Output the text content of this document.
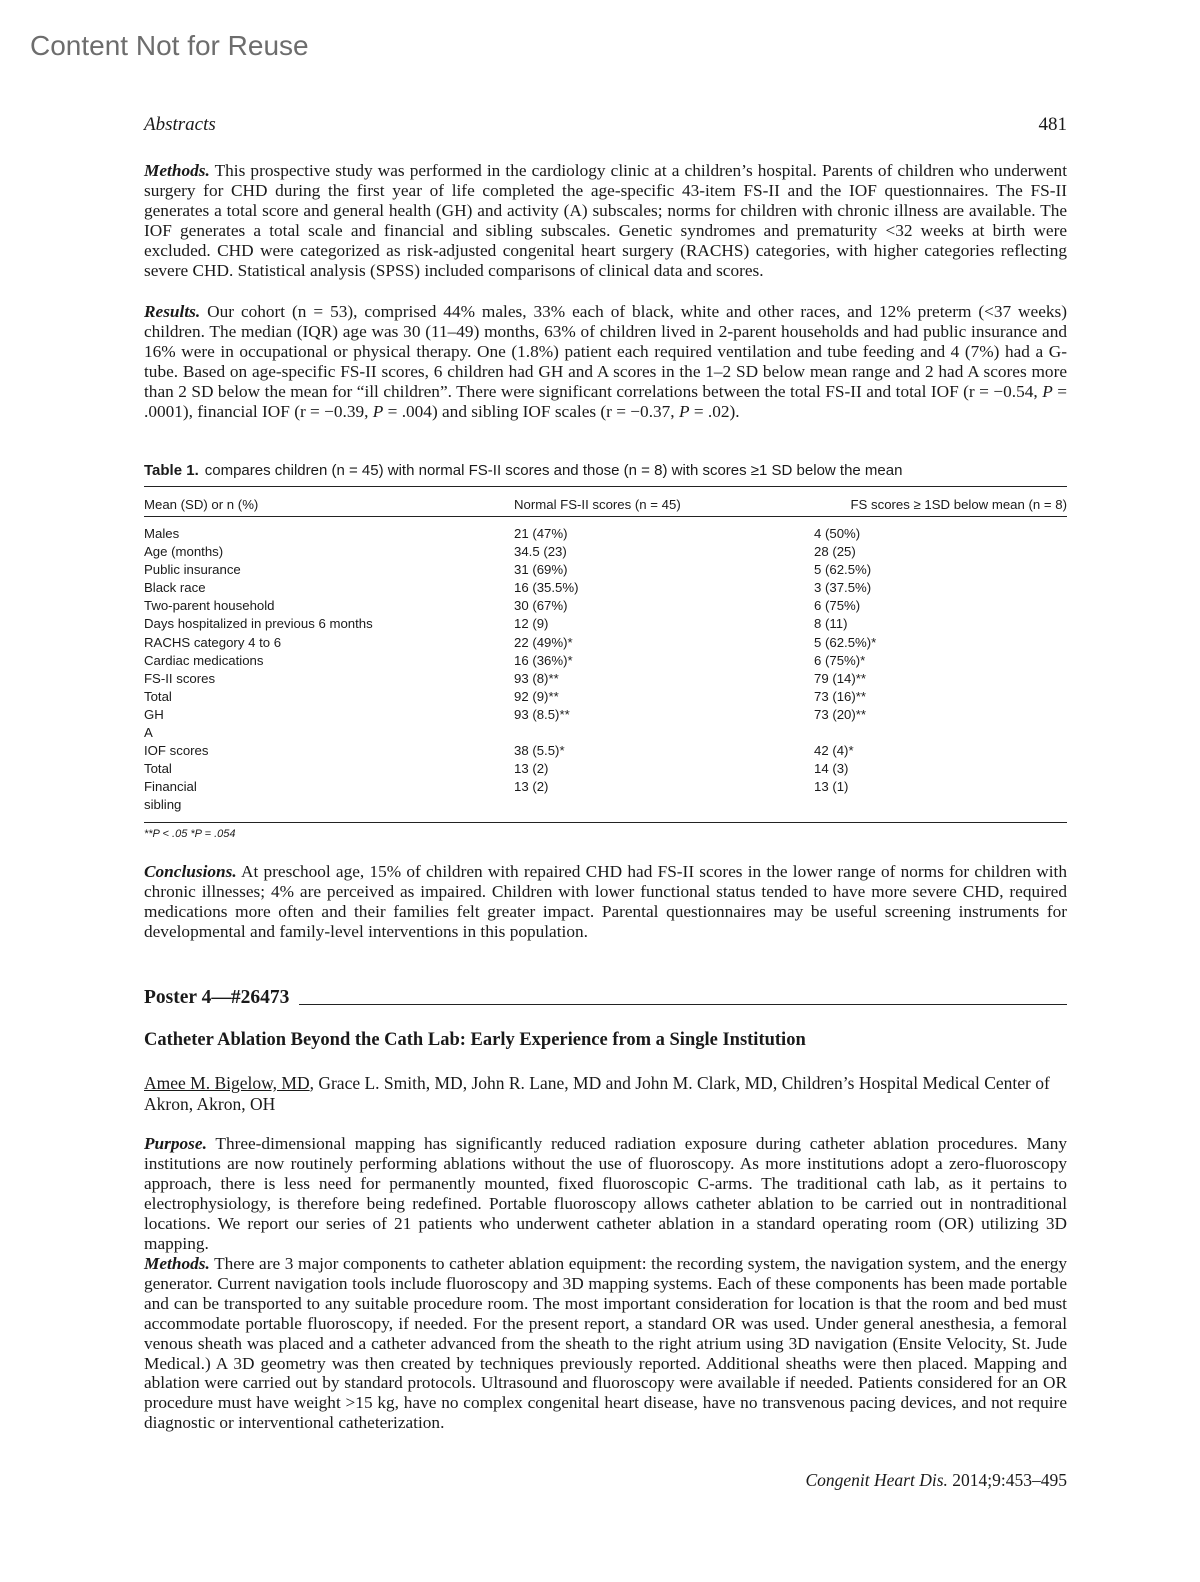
Content Not for Reuse
Abstracts	481

Methods. This prospective study was performed in the cardiology clinic at a children’s hospital. Parents of children who underwent surgery for CHD during the first year of life completed the age-specific 43-item FS-II and the IOF questionnaires. The FS-II generates a total score and general health (GH) and activity (A) subscales; norms for children with chronic illness are available. The IOF generates a total scale and financial and sibling subscales. Genetic syndromes and prematurity <32 weeks at birth were excluded. CHD were categorized as risk-adjusted congenital heart surgery (RACHS) categories, with higher categories reflecting severe CHD. Statistical analysis (SPSS) included comparisons of clinical data and scores.

Results. Our cohort (n = 53), comprised 44% males, 33% each of black, white and other races, and 12% preterm (<37 weeks) children. The median (IQR) age was 30 (11–49) months, 63% of children lived in 2-parent households and had public insurance and 16% were in occupational or physical therapy. One (1.8%) patient each required ventilation and tube feeding and 4 (7%) had a G-tube. Based on age-specific FS-II scores, 6 children had GH and A scores in the 1–2 SD below mean range and 2 had A scores more than 2 SD below the mean for “ill children”. There were significant correlations between the total FS-II and total IOF (r = −0.54, P = .0001), financial IOF (r = −0.39, P = .004) and sibling IOF scales (r = −0.37, P = .02).

Table 1. compares children (n = 45) with normal FS-II scores and those (n = 8) with scores ≥1 SD below the mean
Mean (SD) or n (%)	Normal FS-II scores (n = 45)	FS scores ≥ 1SD below mean (n = 8)
Males	21 (47%)	4 (50%)
Age (months)	34.5 (23)	28 (25)
Public insurance	31 (69%)	5 (62.5%)
Black race	16 (35.5%)	3 (37.5%)
Two-parent household	30 (67%)	6 (75%)
Days hospitalized in previous 6 months	12 (9)	8 (11)
RACHS category 4 to 6	22 (49%)*	5 (62.5%)*
Cardiac medications	16 (36%)*	6 (75%)*
FS-II scores	93 (8)**	79 (14)**
Total	92 (9)**	73 (16)**
GH	93 (8.5)**	73 (20)**
A
IOF scores	38 (5.5)*	42 (4)*
Total	13 (2)	14 (3)
Financial	13 (2)	13 (1)
sibling
**P < .05 *P = .054

Conclusions. At preschool age, 15% of children with repaired CHD had FS-II scores in the lower range of norms for children with chronic illnesses; 4% are perceived as impaired. Children with lower functional status tended to have more severe CHD, required medications more often and their families felt greater impact. Parental questionnaires may be useful screening instruments for developmental and family-level interventions in this population.

Poster 4—#26473
Catheter Ablation Beyond the Cath Lab: Early Experience from a Single Institution
Amee M. Bigelow, MD, Grace L. Smith, MD, John R. Lane, MD and John M. Clark, MD, Children’s Hospital Medical Center of Akron, Akron, OH

Purpose. Three-dimensional mapping has significantly reduced radiation exposure during catheter ablation procedures. Many institutions are now routinely performing ablations without the use of fluoroscopy. As more institutions adopt a zero-fluoroscopy approach, there is less need for permanently mounted, fixed fluoroscopic C-arms. The traditional cath lab, as it pertains to electrophysiology, is therefore being redefined. Portable fluoroscopy allows catheter ablation to be carried out in nontraditional locations. We report our series of 21 patients who underwent catheter ablation in a standard operating room (OR) utilizing 3D mapping.

Methods. There are 3 major components to catheter ablation equipment: the recording system, the navigation system, and the energy generator. Current navigation tools include fluoroscopy and 3D mapping systems. Each of these components has been made portable and can be transported to any suitable procedure room. The most important consideration for location is that the room and bed must accommodate portable fluoroscopy, if needed. For the present report, a standard OR was used. Under general anesthesia, a femoral venous sheath was placed and a catheter advanced from the sheath to the right atrium using 3D navigation (Ensite Velocity, St. Jude Medical.) A 3D geometry was then created by techniques previously reported. Additional sheaths were then placed. Mapping and ablation were carried out by standard protocols. Ultrasound and fluoroscopy were available if needed. Patients considered for an OR procedure must have weight >15 kg, have no complex congenital heart disease, have no transvenous pacing devices, and not require diagnostic or interventional catheterization.

Congenit Heart Dis. 2014;9:453–495
